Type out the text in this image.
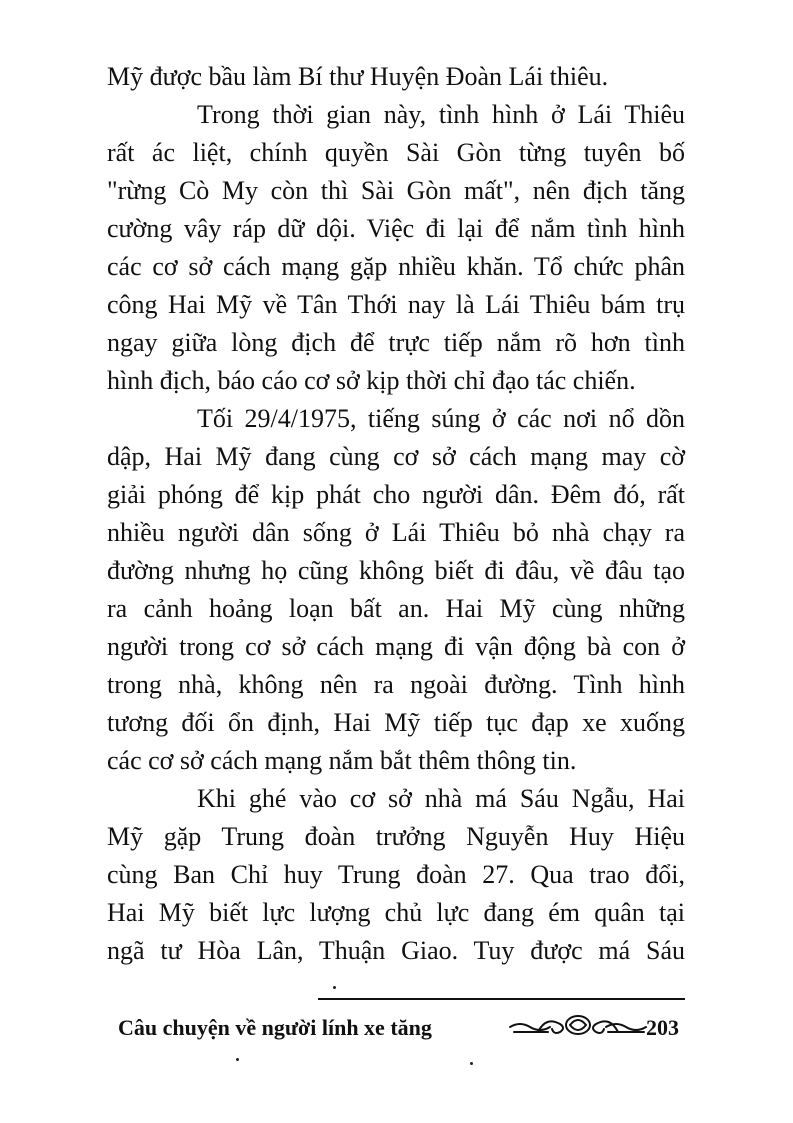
Mỹ được bầu làm Bí thư Huyện Đoàn Lái thiêu.
Trong thời gian này, tình hình ở Lái Thiêu
rất ác liệt, chính quyền Sài Gòn từng tuyên bố
"rừng Cò My còn thì Sài Gòn mất", nên địch tăng
cường vây ráp dữ dội. Việc đi lại để nắm tình hình
các cơ sở cách mạng gặp nhiều khăn. Tổ chức phân
công Hai Mỹ về Tân Thới nay là Lái Thiêu bám trụ
ngay giữa lòng địch để trực tiếp nắm rõ hơn tình
hình địch, báo cáo cơ sở kịp thời chỉ đạo tác chiến.
Tối 29/4/1975, tiếng súng ở các nơi nổ dồn
dập, Hai Mỹ đang cùng cơ sở cách mạng may cờ
giải phóng để kịp phát cho người dân. Đêm đó, rất
nhiều người dân sống ở Lái Thiêu bỏ nhà chạy ra
đường nhưng họ cũng không biết đi đâu, về đâu tạo
ra cảnh hoảng loạn bất an. Hai Mỹ cùng những
người trong cơ sở cách mạng đi vận động bà con ở
trong nhà, không nên ra ngoài đường. Tình hình
tương đối ổn định, Hai Mỹ tiếp tục đạp xe xuống
các cơ sở cách mạng nắm bắt thêm thông tin.
Khi ghé vào cơ sở nhà má Sáu Ngẫu, Hai
Mỹ gặp Trung đoàn trưởng Nguyễn Huy Hiệu
cùng Ban Chỉ huy Trung đoàn 27. Qua trao đổi,
Hai Mỹ biết lực lượng chủ lực đang ém quân tại
ngã tư Hòa Lân, Thuận Giao. Tuy được má Sáu
Câu chuyện về người lính xe tăng	203
